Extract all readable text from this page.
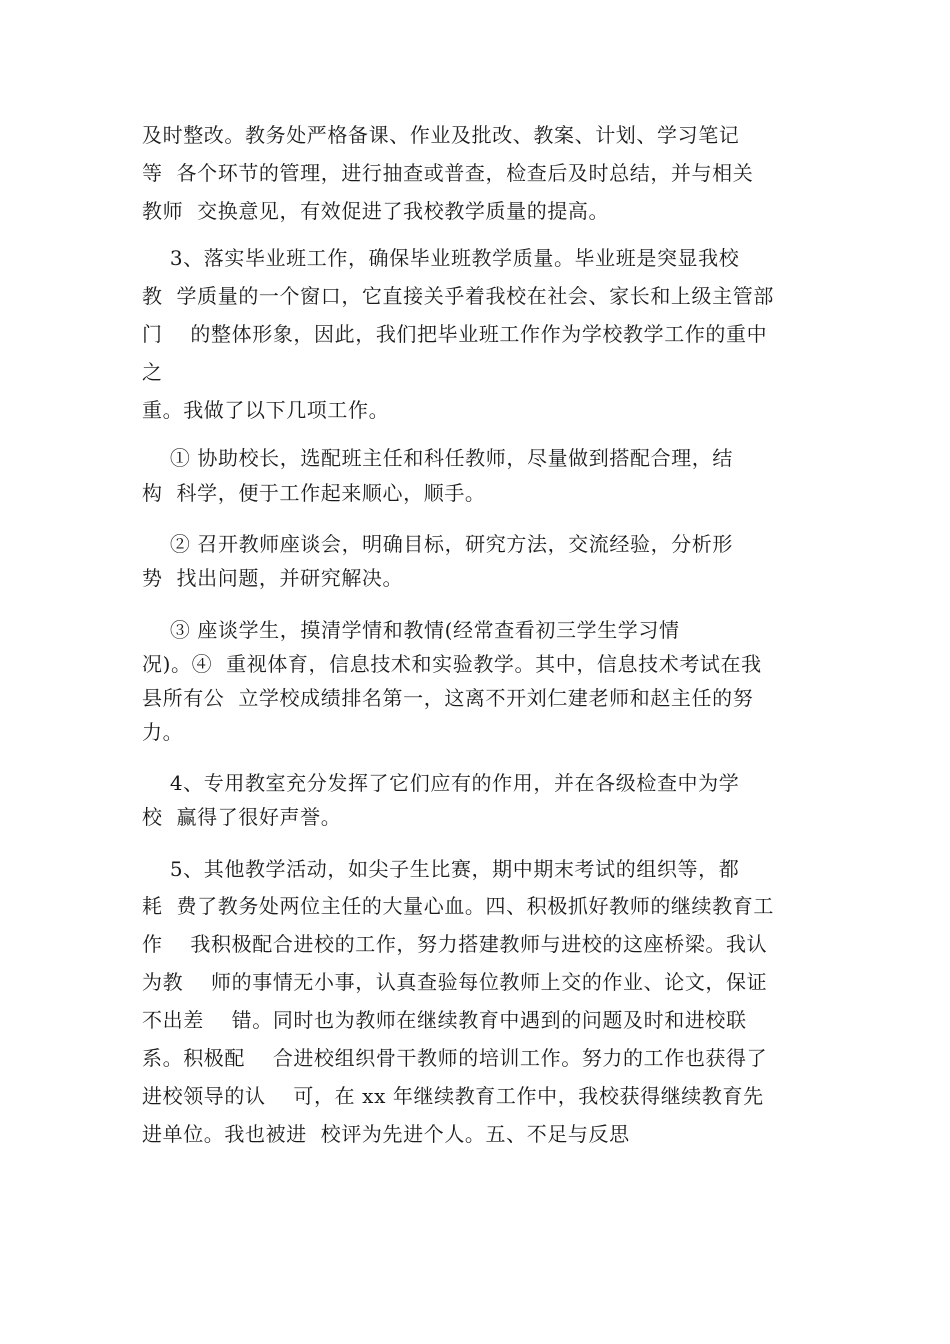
及时整改。教务处严格备课、作业及批改、教案、计划、学习笔记
等  各个环节的管理，进行抽查或普查，检查后及时总结，并与相关
教师  交换意见，有效促进了我校教学质量的提高。
3、落实毕业班工作，确保毕业班教学质量。毕业班是突显我校
教  学质量的一个窗口，它直接关乎着我校在社会、家长和上级主管部
门    的整体形象，因此，我们把毕业班工作作为学校教学工作的重中
之
重。我做了以下几项工作。
① 协助校长，选配班主任和科任教师，尽量做到搭配合理，结
构  科学，便于工作起来顺心，顺手。
② 召开教师座谈会，明确目标，研究方法，交流经验，分析形
势  找出问题，并研究解决。
③ 座谈学生，摸清学情和教情(经常查看初三学生学习情
况)。④  重视体育，信息技术和实验教学。其中，信息技术考试在我
县所有公  立学校成绩排名第一，这离不开刘仁建老师和赵主任的努
力。
4、专用教室充分发挥了它们应有的作用，并在各级检查中为学
校  赢得了很好声誉。
5、其他教学活动，如尖子生比赛，期中期末考试的组织等，都
耗  费了教务处两位主任的大量心血。四、积极抓好教师的继续教育工
作    我积极配合进校的工作，努力搭建教师与进校的这座桥梁。我认
为教    师的事情无小事，认真查验每位教师上交的作业、论文，保证
不出差    错。同时也为教师在继续教育中遇到的问题及时和进校联
系。积极配    合进校组织骨干教师的培训工作。努力的工作也获得了
进校领导的认    可，在 xx 年继续教育工作中，我校获得继续教育先
进单位。我也被进  校评为先进个人。五、不足与反思
